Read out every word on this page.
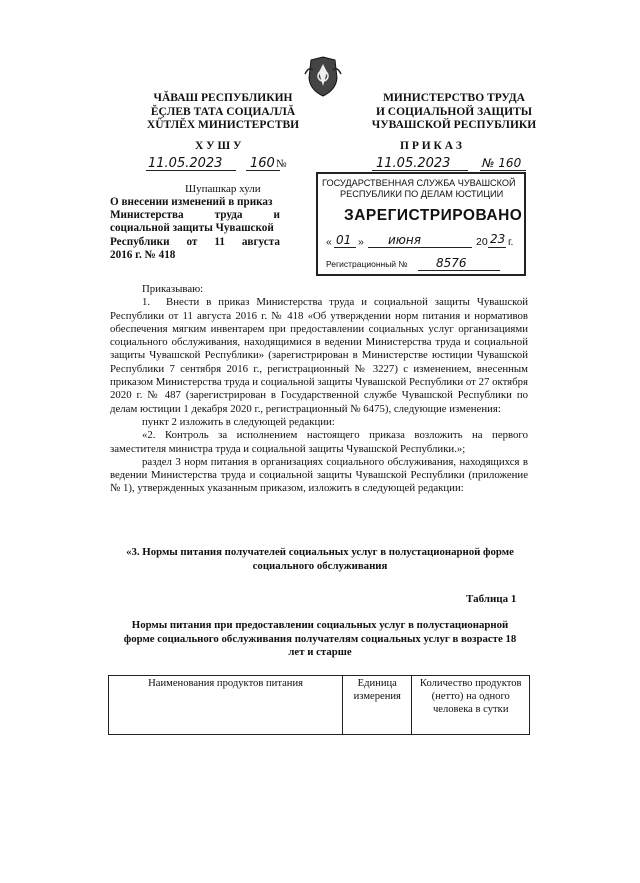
ЧĂВАШ РЕСПУБЛИКИН
ĔÇЛЕВ ТАТА СОЦИАЛЛĂ
ХŰТЛĔХ МИНИСТЕРСТВИ
Х У Ш У
11.05.2023 160 №
Шупашкар хули
О внесении изменений в приказ
Министерства	труда	и
социальной защиты Чувашской
Республики от 11 августа
2016 г. № 418
МИНИСТЕРСТВО ТРУДА
И СОЦИАЛЬНОЙ ЗАЩИТЫ
ЧУВАШСКОЙ РЕСПУБЛИКИ
П Р И К А З
11.05.2023	№ 160
ГОСУДАРСТВЕННАЯ СЛУЖБА ЧУВАШСКОЙ
РЕСПУБЛИКИ ПО ДЕЛАМ ЮСТИЦИИ
ЗАРЕГИСТРИРОВАНО
« 01 » июня	20 23 г.
Регистрационный № 8576
Приказываю:
1.	Внести в приказ Министерства труда и социальной защиты Чувашской
Республики от 11 августа 2016 г. № 418 «Об утверждении норм питания и нормативов обеспечения мягким инвентарем при предоставлении социальных услуг организациями социального обслуживания, находящимися в ведении Министерства труда и социальной защиты Чувашской Республики» (зарегистрирован в Министерстве юстиции Чувашской Республики 7 сентября 2016 г., регистрационный № 3227) с изменением, внесенным приказом Министерства труда и социальной защиты Чувашской Республики от 27 октября 2020 г. № 487 (зарегистрирован в Государственной службе Чувашской Республики по делам юстиции 1 декабря 2020 г., регистрационный № 6475), следующие изменения:
пункт 2 изложить в следующей редакции:
«2. Контроль за исполнением настоящего приказа возложить на первого заместителя министра труда и социальной защиты Чувашской Республики.»;
раздел 3 норм питания в организациях социального обслуживания, находящихся в ведении Министерства труда и социальной защиты Чувашской Республики (приложение № 1), утвержденных указанным приказом, изложить в следующей редакции:
«3. Нормы питания получателей социальных услуг в полустационарной форме
социального обслуживания
Таблица 1
Нормы питания при предоставлении социальных услуг в полустационарной
форме социального обслуживания получателям социальных услуг в возрасте 18
лет и старше
Наименования продуктов питания	Единица измерения	Количество продуктов (нетто) на одного человека в сутки
